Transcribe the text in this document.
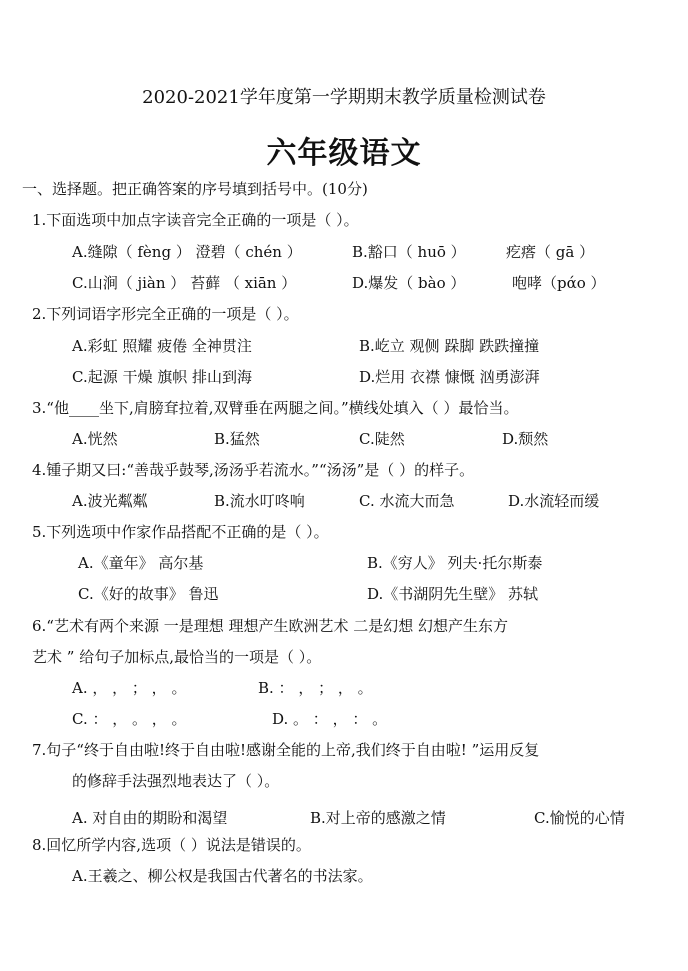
2020-2021学年度第一学期期末教学质量检测试卷
六年级语文
一、选择题。把正确答案的序号填到括号中。(10分)
1.下面选项中加点字读音完全正确的一项是（ ）。
A.缝隙（ fèng ） 澄碧（ chén ）	B.豁口（ huō ）	疙瘩（ gā ）
C.山涧（ jiàn ） 苔藓 （ xiān ）	D.爆发（ bào ）	咆哮（pάo ）
2.下列词语字形完全正确的一项是（ ）。
A.彩虹 照耀 疲倦 全神贯注	B.屹立 观侧 跺脚 跌跌撞撞
C.起源 干燥 旗帜 排山到海	D.烂用 衣襟 慷慨 汹勇澎湃
3.“他____坐下,肩膀耷拉着,双臂垂在两腿之间。”横线处填入（ ）最恰当。
A.恍然	B.猛然	C.陡然	D.颓然
4.锺子期又曰:“善哉乎鼓琴,汤汤乎若流水。”“汤汤”是（ ）的样子。
A.波光粼粼	B.流水叮咚响	C. 水流大而急	D.水流轻而缓
5.下列选项中作家作品搭配不正确的是（ ）。
A.《童年》 高尔基	B.《穷人》 列夫·托尔斯泰
C.《好的故事》 鲁迅	D.《书湖阴先生壁》 苏轼
6.“艺术有两个来源 一是理想 理想产生欧洲艺术 二是幻想 幻想产生东方
艺术 ” 给句子加标点,最恰当的一项是（ ）。
A. ， ， ； ， 。	B. ： ， ； ， 。
C. ： ， 。 ， 。	D. 。 ： ， ： 。
7.句子“终于自由啦!终于自由啦!感谢全能的上帝,我们终于自由啦! ”运用反复
的修辞手法强烈地表达了（ ）。
A. 对自由的期盼和渴望	B.对上帝的感激之情	C.愉悦的心情
8.回忆所学内容,选项（ ）说法是错误的。
A.王羲之、柳公权是我国古代著名的书法家。
